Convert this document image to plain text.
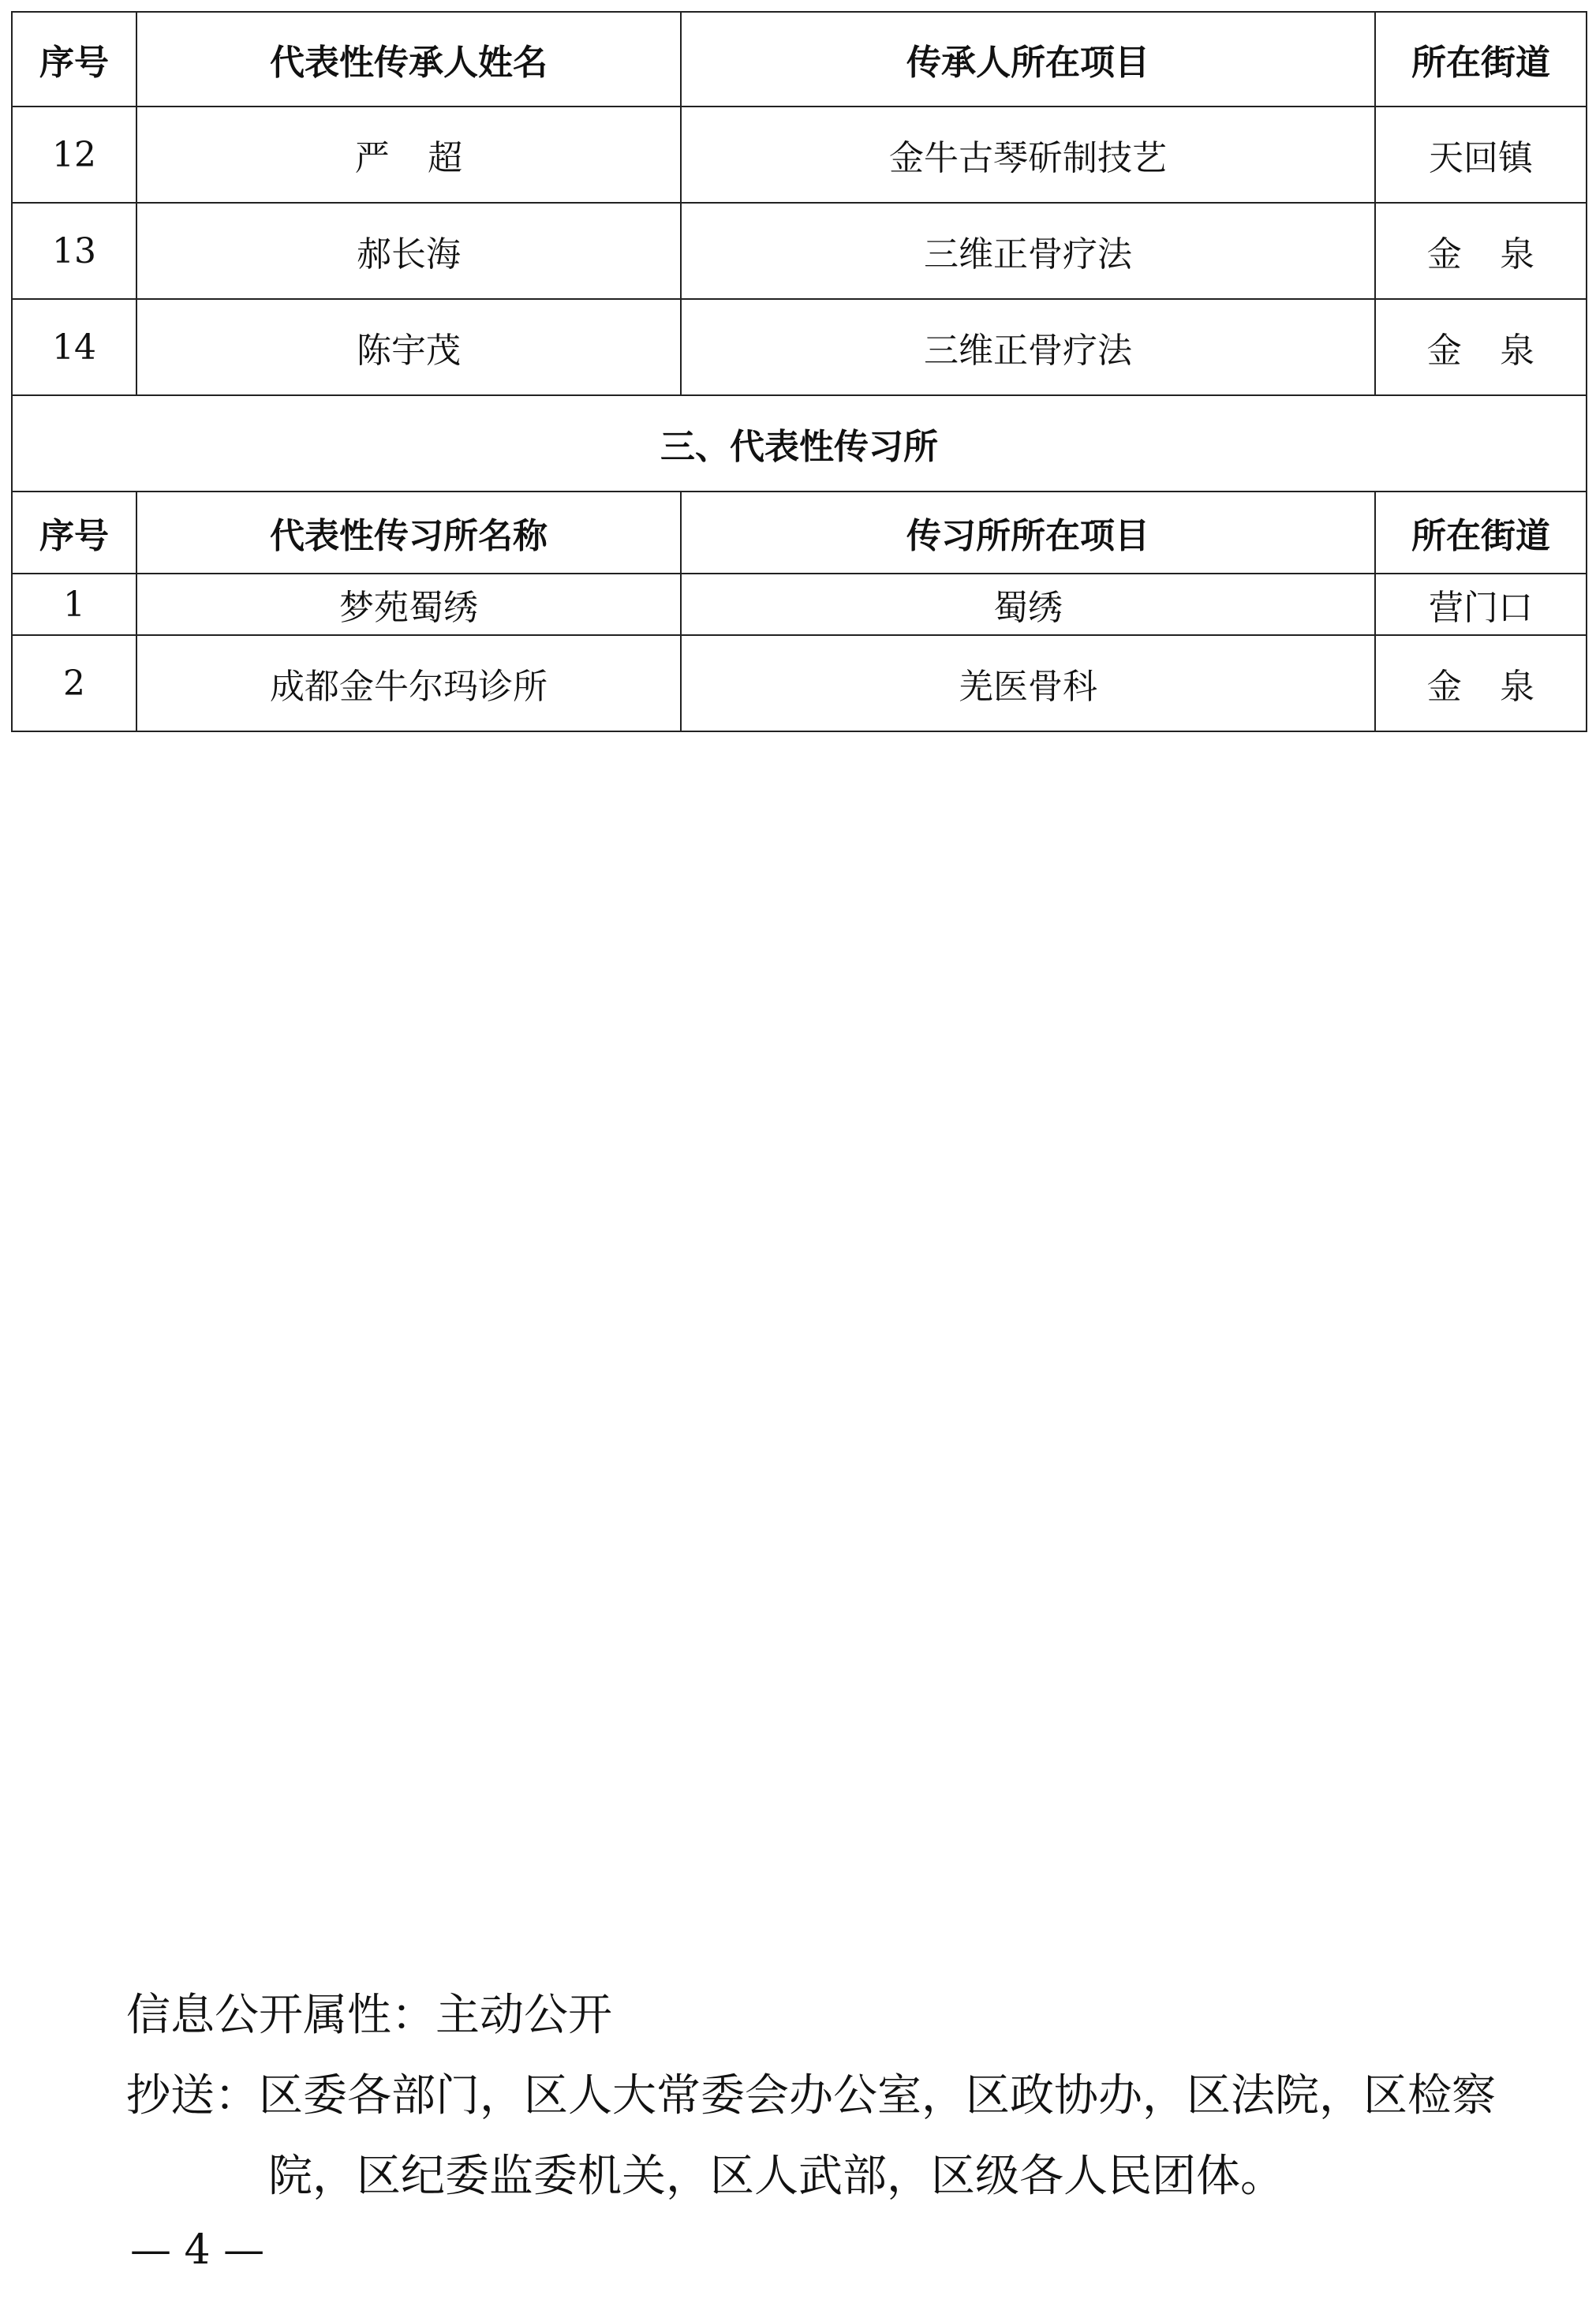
序号	代表性传承人姓名	传承人所在项目	所在街道
12	严超	金牛古琴斫制技艺	天回镇
13	郝长海	三维正骨疗法	金泉
14	陈宇茂	三维正骨疗法	金泉
三、代表性传习所			
序号	代表性传习所名称	传习所所在项目	所在街道
1	梦苑蜀绣	蜀绣	营门口
2	成都金牛尔玛诊所	羌医骨科	金泉
信息公开属性：主动公开
抄送：区委各部门，区人大常委会办公室，区政协办，区法院，区检察
院，区纪委监委机关，区人武部，区级各人民团体。
— 4 —
